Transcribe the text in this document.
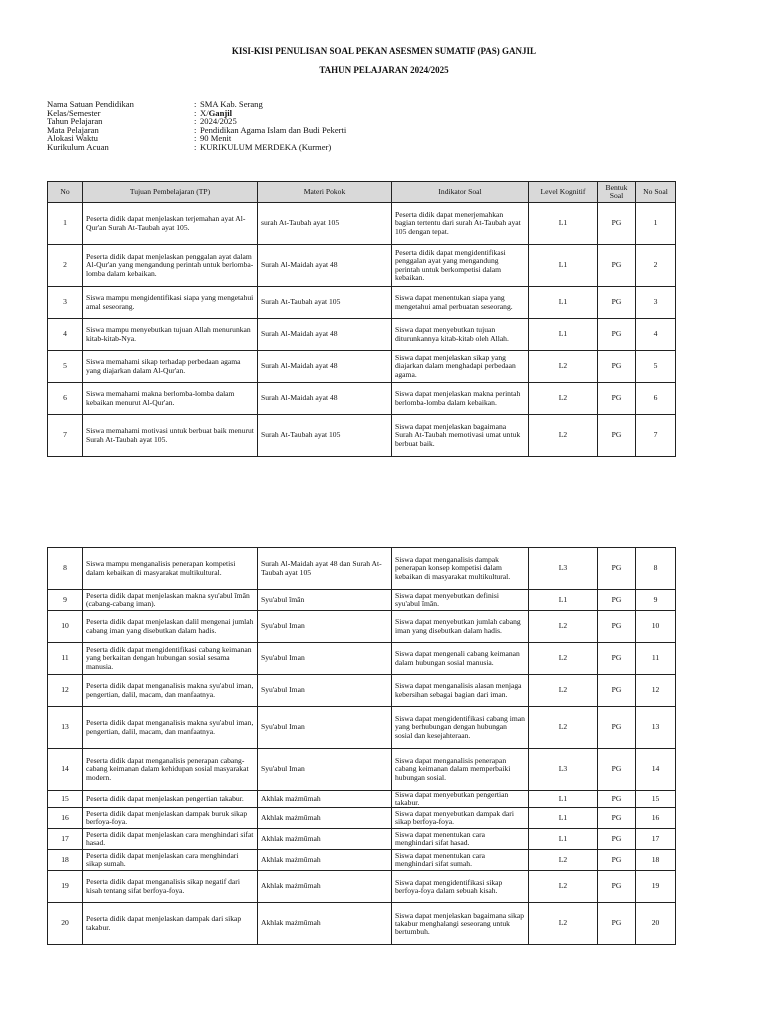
KISI-KISI PENULISAN SOAL PEKAN ASESMEN SUMATIF (PAS) GANJIL
TAHUN PELAJARAN 2024/2025
Nama Satuan Pendidikan	: SMA Kab. Serang
Kelas/Semester	: X/ Ganjil
Tahun Pelajaran	: 2024/2025
Mata Pelajaran	: Pendidikan Agama Islam dan Budi Pekerti
Alokasi Waktu	: 90 Menit
Kurikulum Acuan	: KURIKULUM MERDEKA (Kurmer)
No	Tujuan Pembelajaran (TP)	Materi Pokok	Indikator Soal	Level Kognitif	Bentuk Soal	No Soal
1	Peserta didik dapat menjelaskan terjemahan ayat Al-Qur'an Surah At-Taubah ayat 105.	surah At-Taubah ayat 105	Peserta didik dapat menerjemahkan bagian tertentu dari surah At-Taubah ayat 105 dengan tepat.	L1	PG	1
2	Peserta didik dapat menjelaskan penggalan ayat dalam Al-Qur'an yang mengandung perintah untuk berlomba-lomba dalam kebaikan.	Surah Al-Maidah ayat 48	Peserta didik dapat mengidentifikasi penggalan ayat yang mengandung perintah untuk berkompetisi dalam kebaikan.	L1	PG	2
3	Siswa mampu mengidentifikasi siapa yang mengetahui amal seseorang.	Surah At-Taubah ayat 105	Siswa dapat menentukan siapa yang mengetahui amal perbuatan seseorang.	L1	PG	3
4	Siswa mampu menyebutkan tujuan Allah menurunkan kitab-kitab-Nya.	Surah Al-Maidah ayat 48	Siswa dapat menyebutkan tujuan diturunkannya kitab-kitab oleh Allah.	L1	PG	4
5	Siswa memahami sikap terhadap perbedaan agama yang diajarkan dalam Al-Qur'an.	Surah Al-Maidah ayat 48	Siswa dapat menjelaskan sikap yang diajarkan dalam menghadapi perbedaan agama.	L2	PG	5
6	Siswa memahami makna berlomba-lomba dalam kebaikan menurut Al-Qur'an.	Surah Al-Maidah ayat 48	Siswa dapat menjelaskan makna perintah berlomba-lomba dalam kebaikan.	L2	PG	6
7	Siswa memahami motivasi untuk berbuat baik menurut Surah At-Taubah ayat 105.	Surah At-Taubah ayat 105	Siswa dapat menjelaskan bagaimana Surah At-Taubah memotivasi umat untuk berbuat baik.	L2	PG	7
8	Siswa mampu menganalisis penerapan kompetisi dalam kebaikan di masyarakat multikultural.	Surah Al-Maidah ayat 48 dan Surah At-Taubah ayat 105	Siswa dapat menganalisis dampak penerapan konsep kompetisi dalam kebaikan di masyarakat multikultural.	L3	PG	8
9	Peserta didik dapat menjelaskan makna syu'abul īmān (cabang-cabang iman).	Syu'abul īmān	Siswa dapat menyebutkan definisi syu'abul īmān.	L1	PG	9
10	Peserta didik dapat menjelaskan dalil mengenai jumlah cabang iman yang disebutkan dalam hadis.	Syu'abul Iman	Siswa dapat menyebutkan jumlah cabang iman yang disebutkan dalam hadis.	L2	PG	10
11	Peserta didik dapat mengidentifikasi cabang keimanan yang berkaitan dengan hubungan sosial sesama manusia.	Syu'abul Iman	Siswa dapat mengenali cabang keimanan dalam hubungan sosial manusia.	L2	PG	11
12	Peserta didik dapat menganalisis makna syu'abul iman, pengertian, dalil, macam, dan manfaatnya.	Syu'abul Iman	Siswa dapat menganalisis alasan menjaga kebersihan sebagai bagian dari iman.	L2	PG	12
13	Peserta didik dapat menganalisis makna syu'abul iman, pengertian, dalil, macam, dan manfaatnya.	Syu'abul Iman	Siswa dapat mengidentifikasi cabang iman yang berhubungan dengan hubungan sosial dan kesejahteraan.	L2	PG	13
14	Peserta didik dapat menganalisis penerapan cabang-cabang keimanan dalam kehidupan sosial masyarakat modern.	Syu'abul Iman	Siswa dapat menganalisis penerapan cabang keimanan dalam memperbaiki hubungan sosial.	L3	PG	14
15	Peserta didik dapat menjelaskan pengertian takabur.	Akhlak mażmūmah	Siswa dapat menyebutkan pengertian takabur.	L1	PG	15
16	Peserta didik dapat menjelaskan dampak buruk sikap berfoya-foya.	Akhlak mażmūmah	Siswa dapat menyebutkan dampak dari sikap berfoya-foya.	L1	PG	16
17	Peserta didik dapat menjelaskan cara menghindari sifat hasad.	Akhlak mażmūmah	Siswa dapat menentukan cara menghindari sifat hasad.	L1	PG	17
18	Peserta didik dapat menjelaskan cara menghindari sikap sumah.	Akhlak mażmūmah	Siswa dapat menentukan cara menghindari sifat sumah.	L2	PG	18
19	Peserta didik dapat menganalisis sikap negatif dari kisah tentang sifat berfoya-foya.	Akhlak mażmūmah	Siswa dapat mengidentifikasi sikap berfoya-foya dalam sebuah kisah.	L2	PG	19
20	Peserta didik dapat menjelaskan dampak dari sikap takabur.	Akhlak mażmūmah	Siswa dapat menjelaskan bagaimana sikap takabur menghalangi seseorang untuk bertumbuh.	L2	PG	20
